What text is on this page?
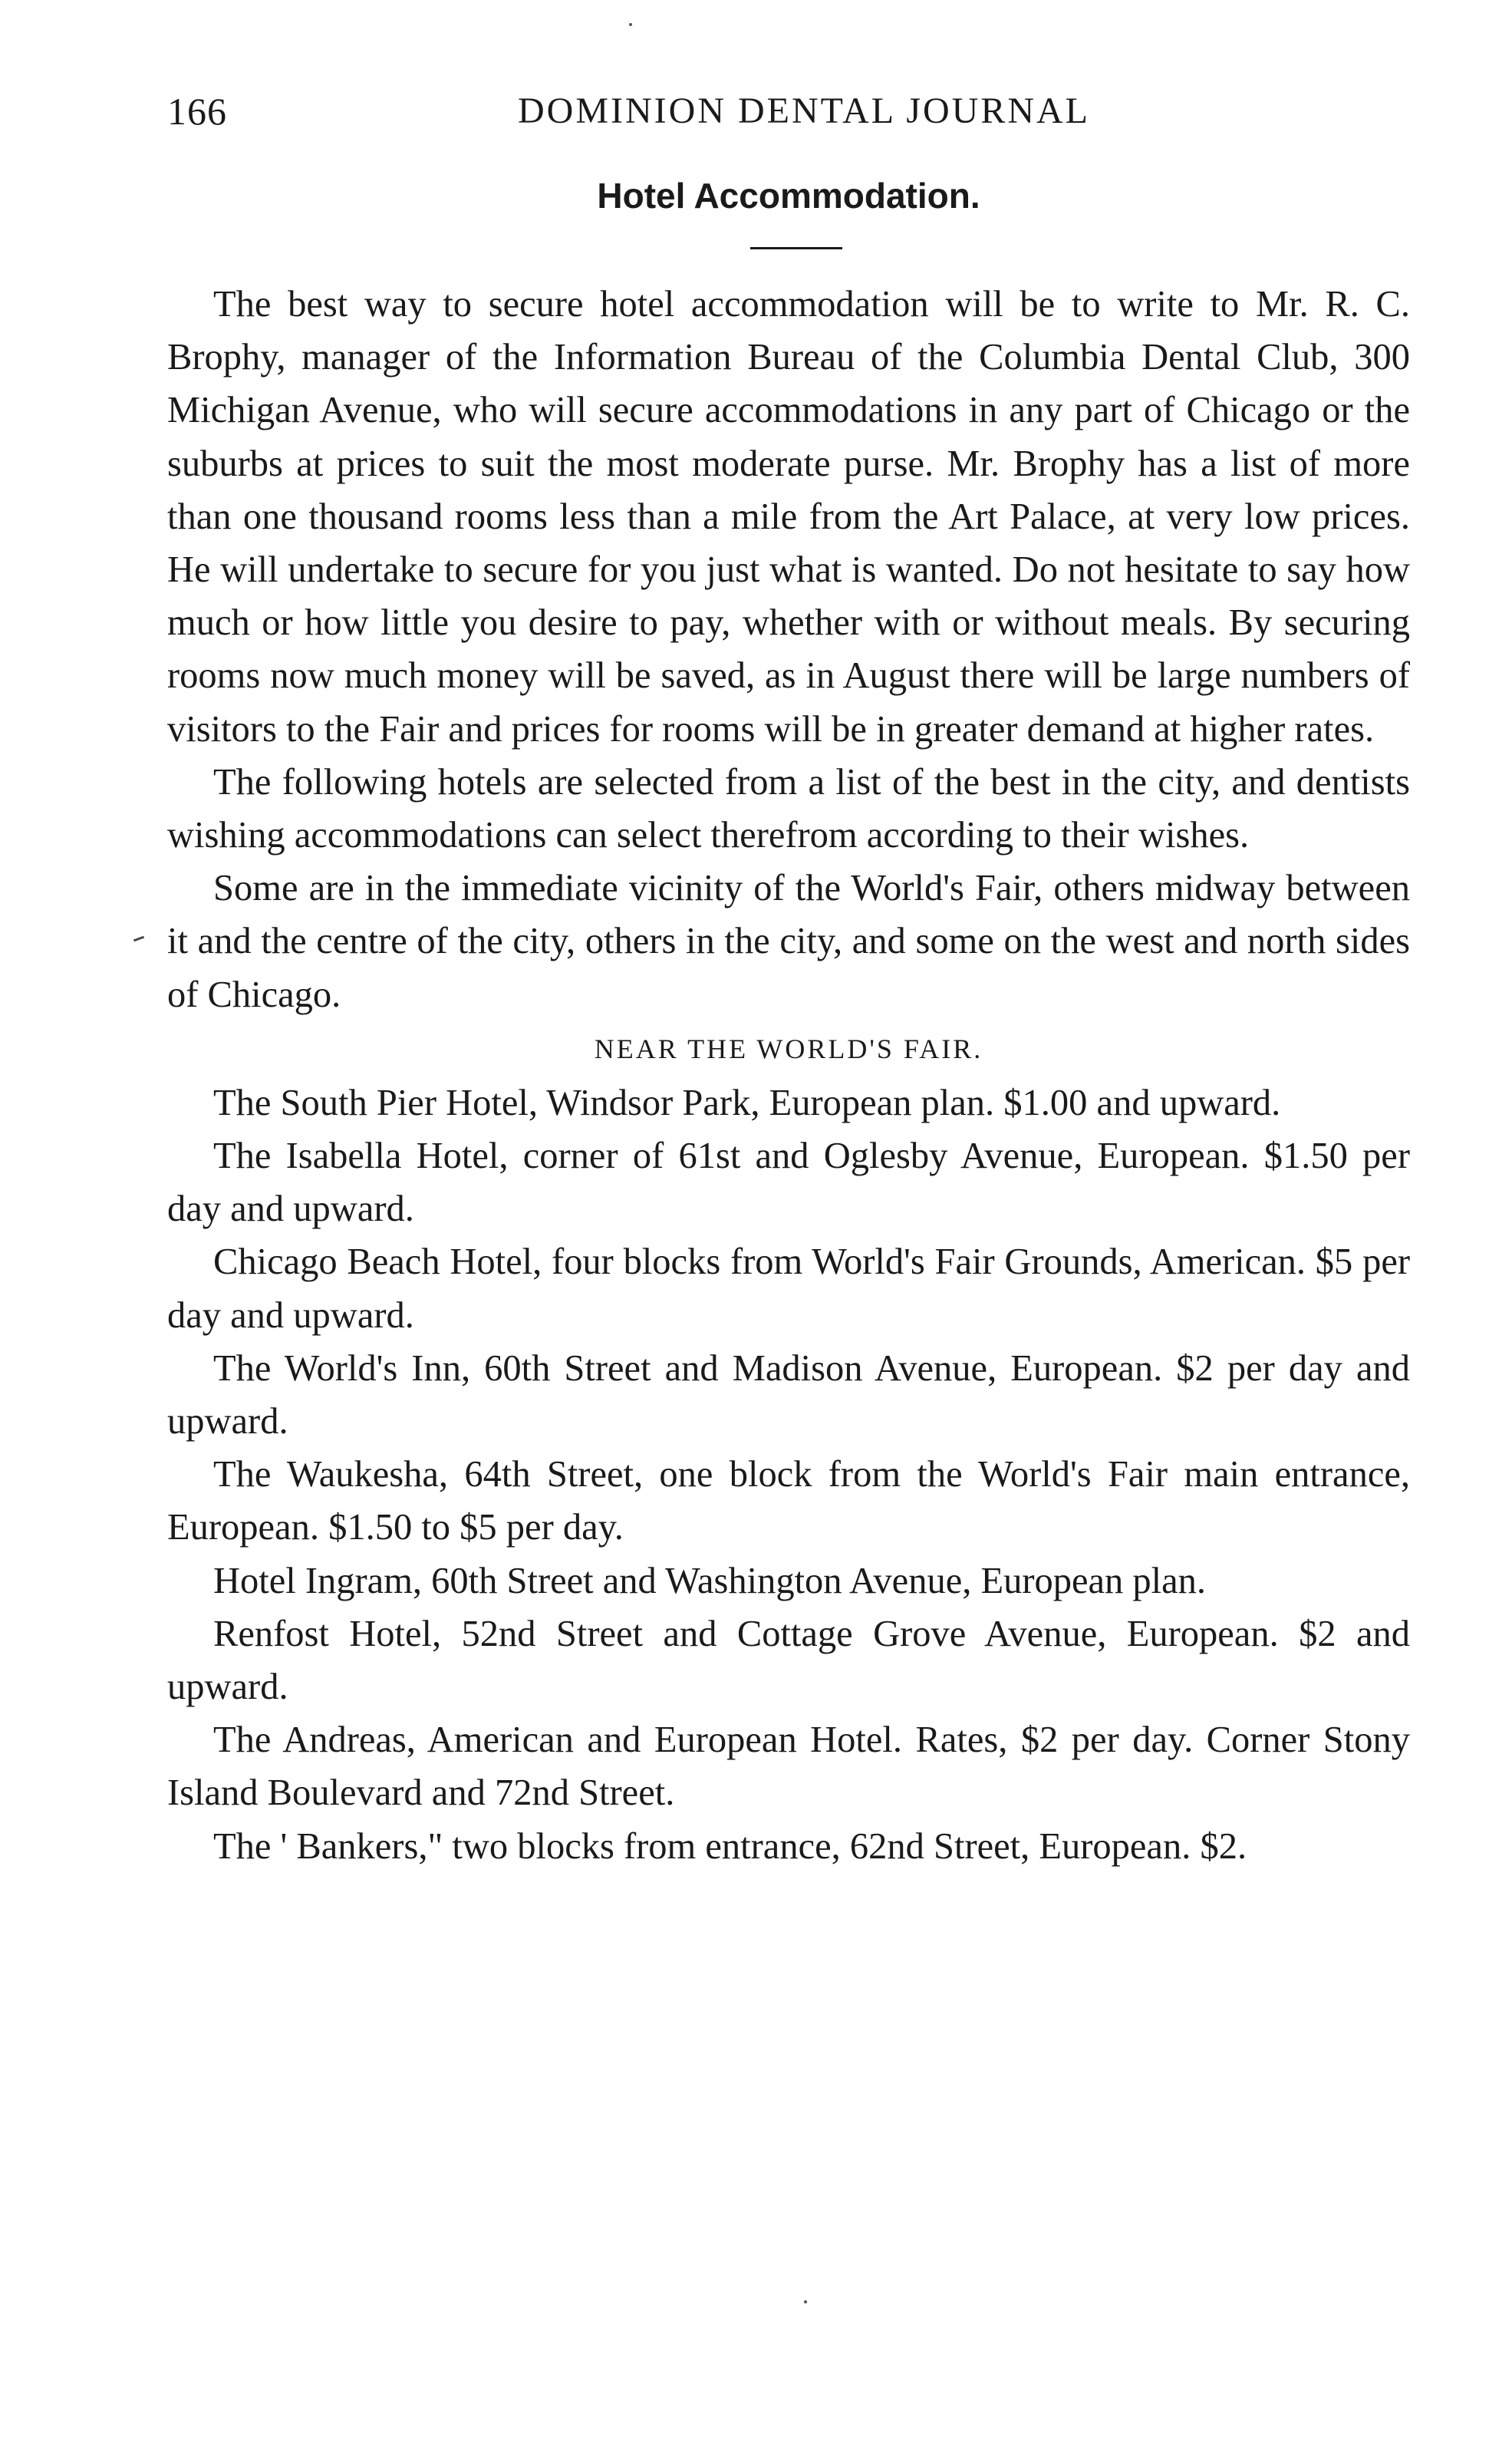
166	DOMINION DENTAL JOURNAL
Hotel Accommodation.

The best way to secure hotel accommodation will be to write to Mr. R. C. Brophy, manager of the Information Bureau of the Columbia Dental Club, 300 Michigan Avenue, who will secure accommodations in any part of Chicago or the suburbs at prices to suit the most moderate purse. Mr. Brophy has a list of more than one thousand rooms less than a mile from the Art Palace, at very low prices. He will undertake to secure for you just what is wanted. Do not hesitate to say how much or how little you desire to pay, whether with or without meals. By securing rooms now much money will be saved, as in August there will be large numbers of visitors to the Fair and prices for rooms will be in greater demand at higher rates.

The following hotels are selected from a list of the best in the city, and dentists wishing accommodations can select therefrom according to their wishes.

Some are in the immediate vicinity of the World's Fair, others midway between it and the centre of the city, others in the city, and some on the west and north sides of Chicago.

NEAR THE WORLD'S FAIR.

The South Pier Hotel, Windsor Park, European plan. $1.00 and upward.

The Isabella Hotel, corner of 61st and Oglesby Avenue, European. $1.50 per day and upward.

Chicago Beach Hotel, four blocks from World's Fair Grounds, American. $5 per day and upward.

The World's Inn, 60th Street and Madison Avenue, European. $2 per day and upward.

The Waukesha, 64th Street, one block from the World's Fair main entrance, European. $1.50 to $5 per day.

Hotel Ingram, 60th Street and Washington Avenue, European plan.

Renfost Hotel, 52nd Street and Cottage Grove Avenue, European. $2 and upward.

The Andreas, American and European Hotel. Rates, $2 per day. Corner Stony Island Boulevard and 72nd Street.

The ' Bankers," two blocks from entrance, 62nd Street, European. $2.
